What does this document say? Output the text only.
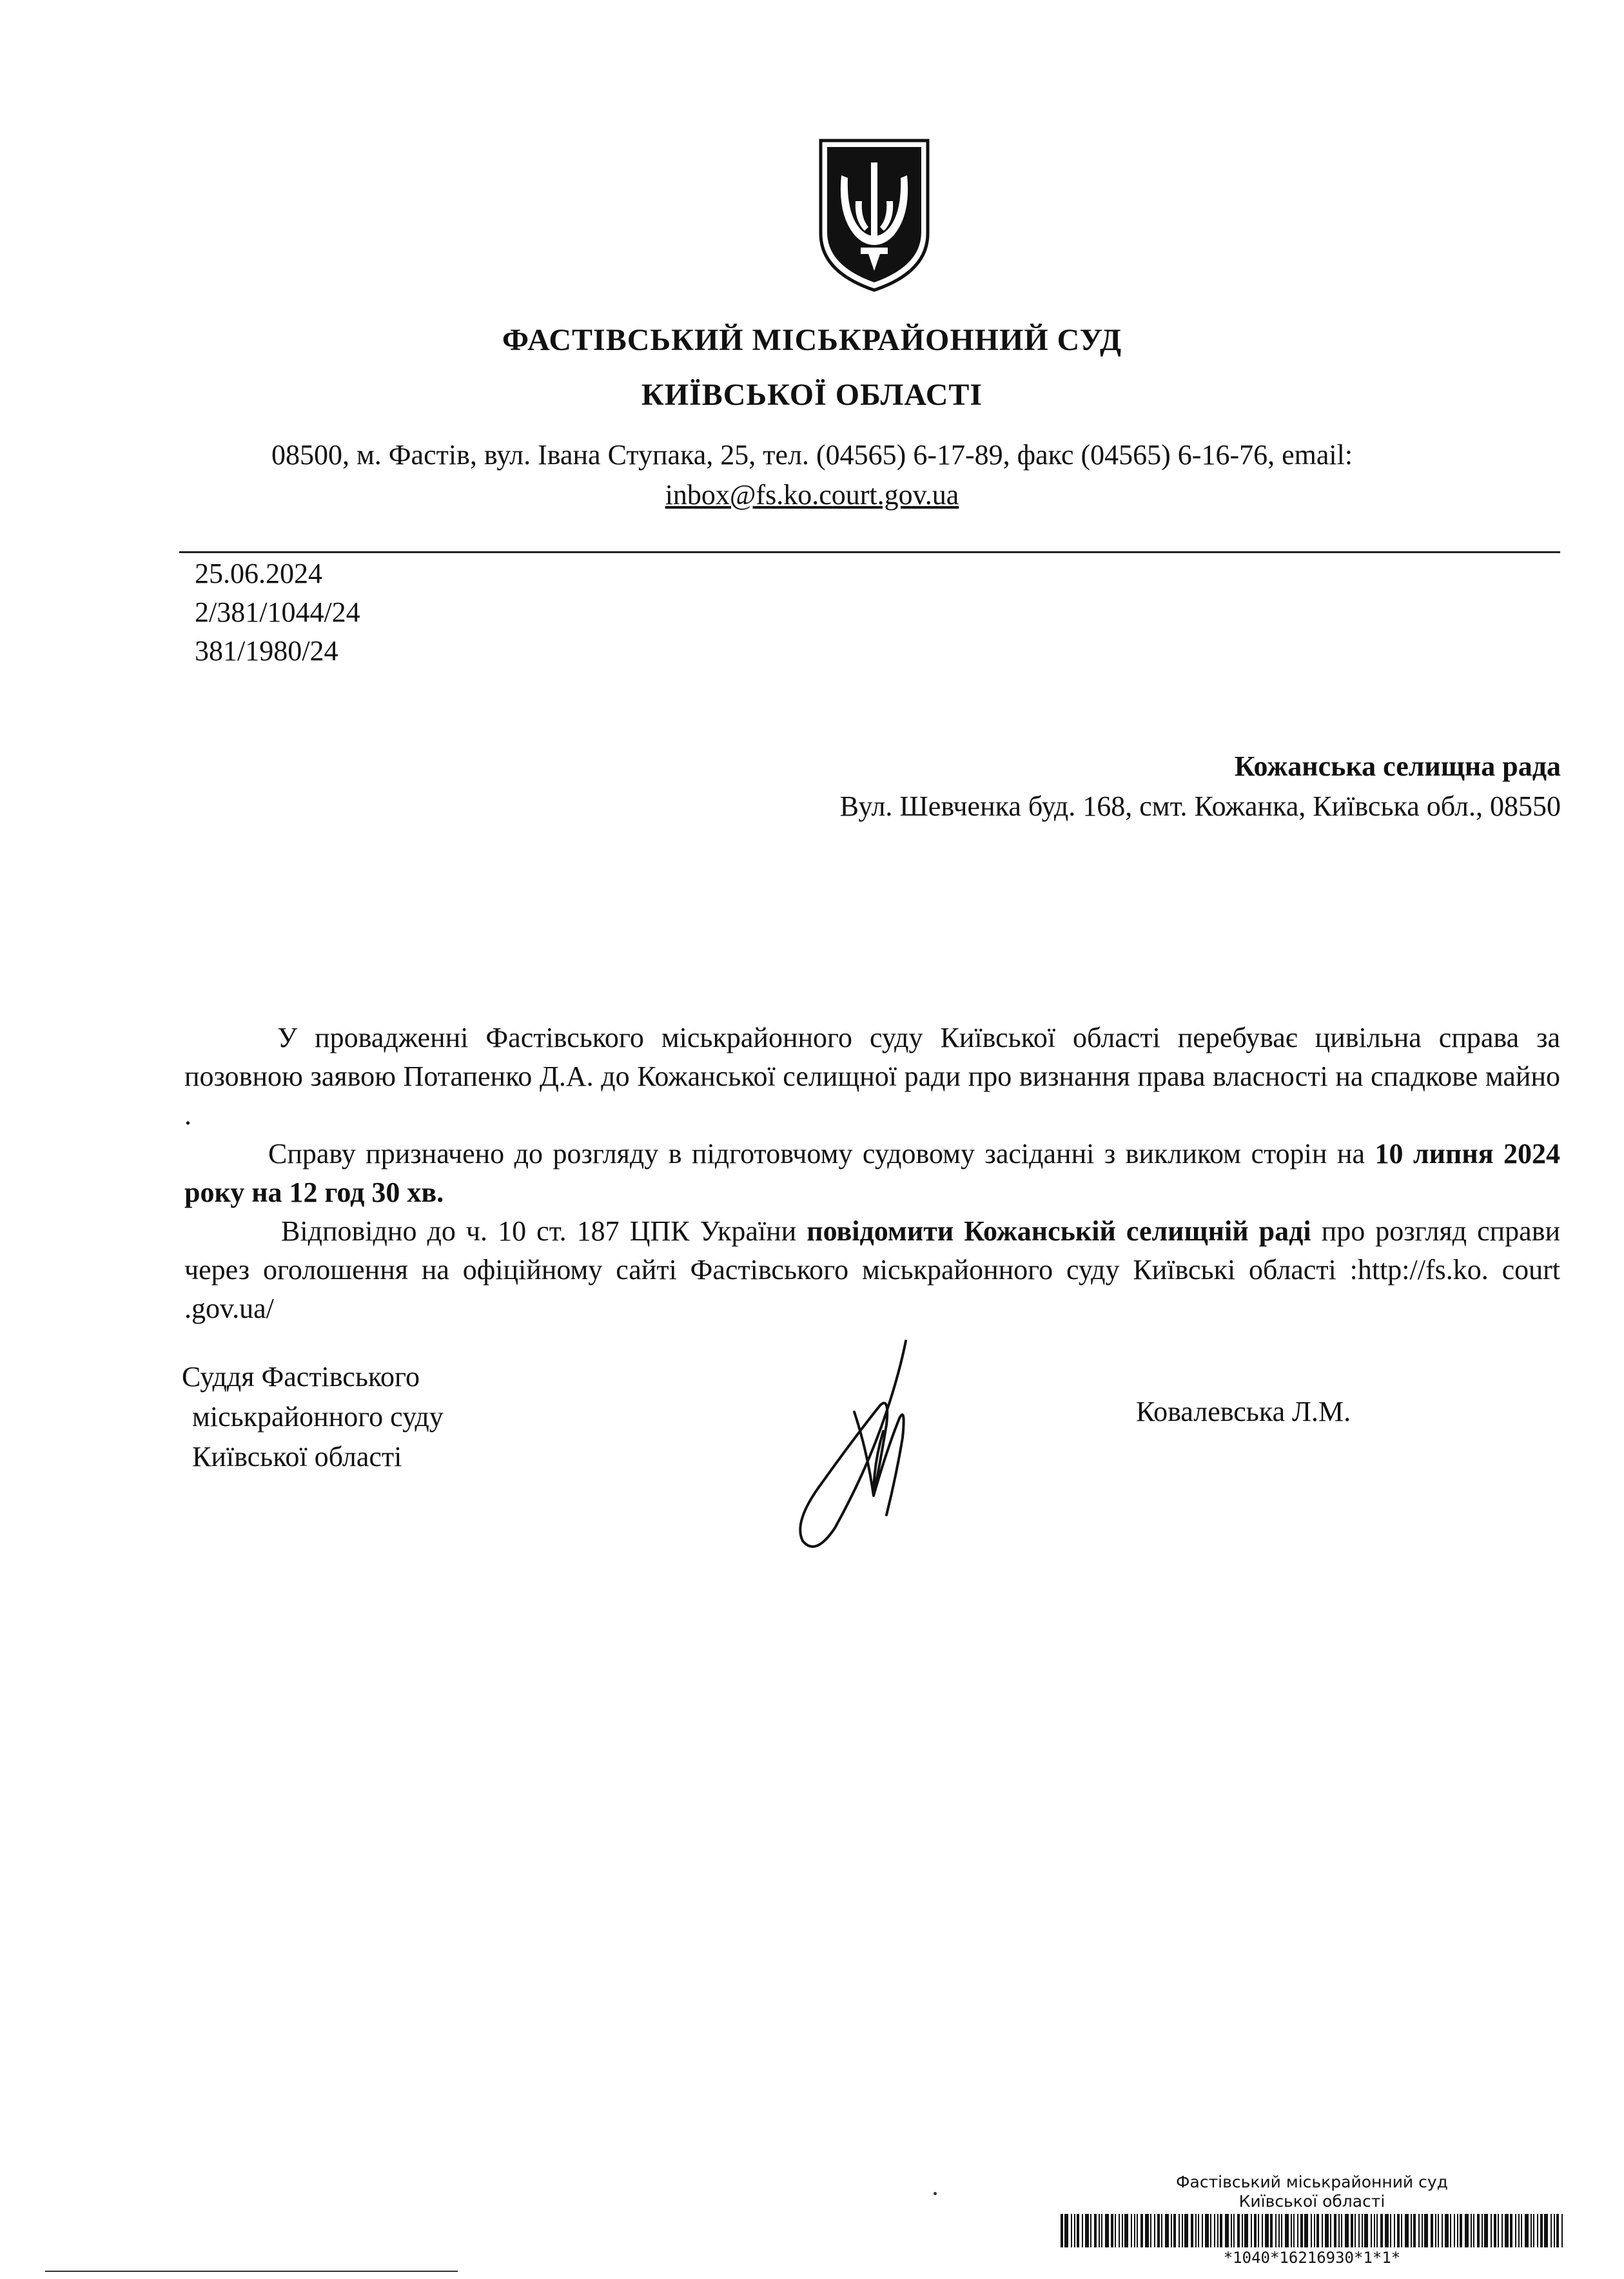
ФАСТІВСЬКИЙ МІСЬКРАЙОННИЙ СУД
КИЇВСЬКОЇ ОБЛАСТІ
08500, м. Фастів, вул. Івана Ступака, 25, тел. (04565) 6-17-89, факс (04565) 6-16-76, email:
inbox@fs.ko.court.gov.ua
25.06.2024
2/381/1044/24
381/1980/24
Кожанська селищна рада
Вул. Шевченка буд. 168, смт. Кожанка, Київська обл., 08550

У провадженні Фастівського міськрайонного суду Київської області перебуває цивільна справа за позовною заявою Потапенко Д.А. до Кожанської селищної ради про визнання права власності на спадкове майно .

Справу призначено до розгляду в підготовчому судовому засіданні з викликом сторін на 10 липня 2024 року на 12 год 30 хв.

Відповідно до ч. 10 ст. 187 ЦПК України повідомити Кожанській селищній раді про розгляд справи через оголошення на офіційному сайті Фастівського міськрайонного суду Київські області :http://fs.ko. court .gov.ua/

Суддя Фастівського
міськрайонного суду
Київської області
Ковалевська Л.М.
Фастівський міськрайонний суд
Київської області
*1040*16216930*1*1*
